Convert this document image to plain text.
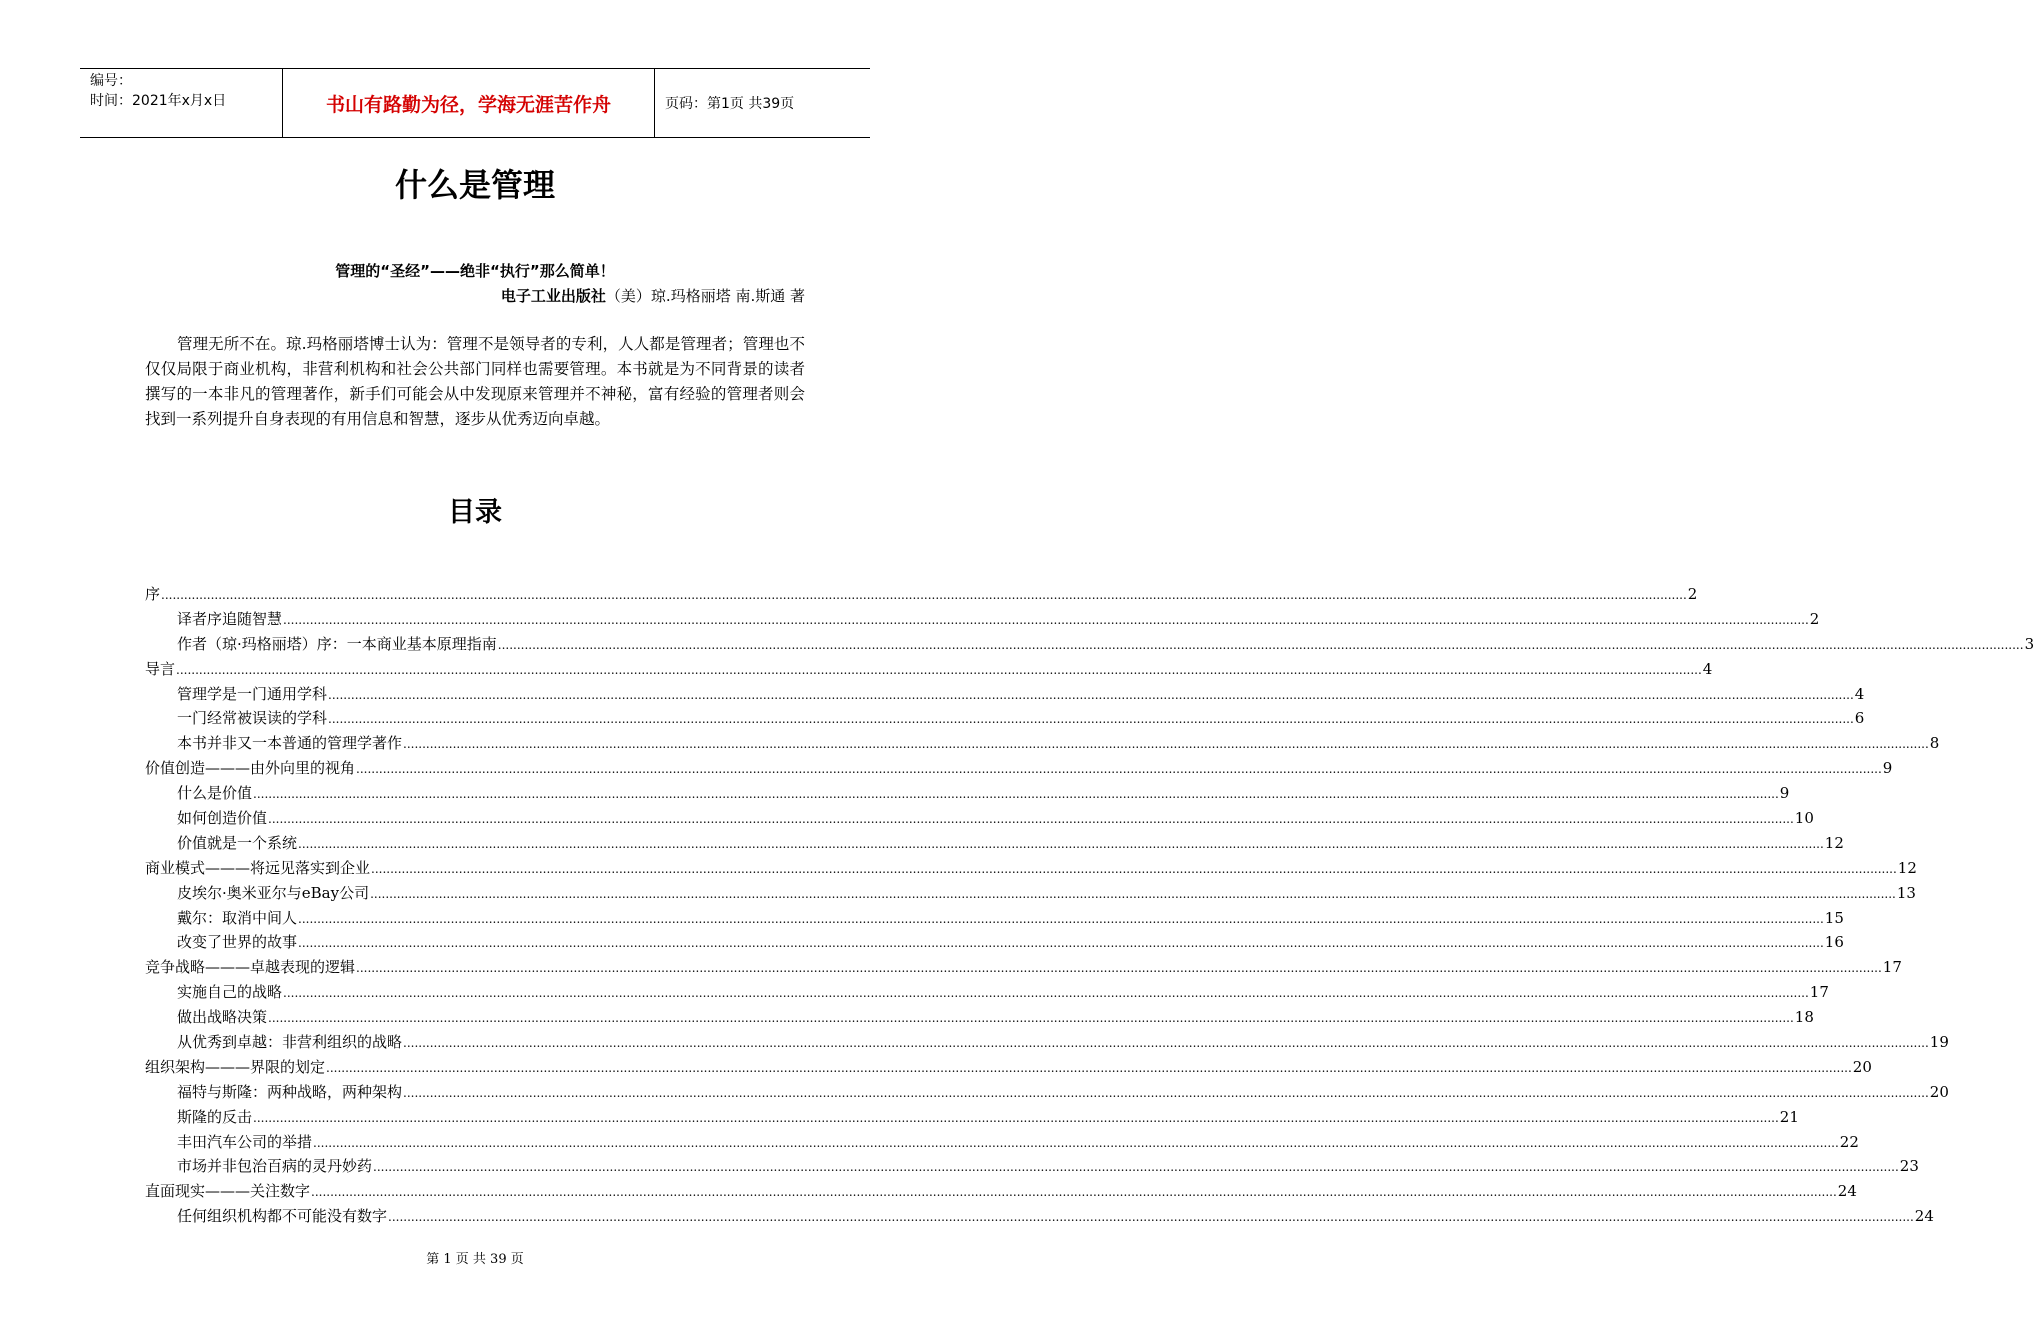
编号：
时间：2021年x月x日	书山有路勤为径，学海无涯苦作舟	页码：第1页 共39页
什么是管理
管理的“圣经”——绝非“执行”那么简单！
电子工业出版社（美）琼.玛格丽塔 南.斯通 著

管理无所不在。琼.玛格丽塔博士认为：管理不是领导者的专利，人人都是管理者；管理也不仅仅局限于商业机构，非营利机构和社会公共部门同样也需要管理。本书就是为不同背景的读者撰写的一本非凡的管理著作，新手们可能会从中发现原来管理并不神秘，富有经验的管理者则会找到一系列提升自身表现的有用信息和智慧，逐步从优秀迈向卓越。

目录
序 ................................................................................................................................................................................................................................................................................................................................................................................................................ 2
译者序追随智慧 ................................................................................................................................................................................................................................................................................................................................................................................................................ 2
作者（琼·玛格丽塔）序：一本商业基本原理指南 ................................................................................................................................................................................................................................................................................................................................................................................................................ 3
导言 ................................................................................................................................................................................................................................................................................................................................................................................................................ 4
管理学是一门通用学科 ................................................................................................................................................................................................................................................................................................................................................................................................................ 4
一门经常被误读的学科 ................................................................................................................................................................................................................................................................................................................................................................................................................ 6
本书并非又一本普通的管理学著作 ................................................................................................................................................................................................................................................................................................................................................................................................................ 8
价值创造———由外向里的视角 ................................................................................................................................................................................................................................................................................................................................................................................................................ 9
什么是价值 ................................................................................................................................................................................................................................................................................................................................................................................................................ 9
如何创造价值 ................................................................................................................................................................................................................................................................................................................................................................................................................ 10
价值就是一个系统 ................................................................................................................................................................................................................................................................................................................................................................................................................ 12
商业模式———将远见落实到企业 ................................................................................................................................................................................................................................................................................................................................................................................................................ 12
皮埃尔·奥米亚尔与eBay公司 ................................................................................................................................................................................................................................................................................................................................................................................................................ 13
戴尔：取消中间人 ................................................................................................................................................................................................................................................................................................................................................................................................................ 15
改变了世界的故事 ................................................................................................................................................................................................................................................................................................................................................................................................................ 16
竞争战略———卓越表现的逻辑 ................................................................................................................................................................................................................................................................................................................................................................................................................ 17
实施自己的战略 ................................................................................................................................................................................................................................................................................................................................................................................................................ 17
做出战略决策 ................................................................................................................................................................................................................................................................................................................................................................................................................ 18
从优秀到卓越：非营利组织的战略 ................................................................................................................................................................................................................................................................................................................................................................................................................ 19
组织架构———界限的划定 ................................................................................................................................................................................................................................................................................................................................................................................................................ 20
福特与斯隆：两种战略，两种架构 ................................................................................................................................................................................................................................................................................................................................................................................................................ 20
斯隆的反击 ................................................................................................................................................................................................................................................................................................................................................................................................................ 21
丰田汽车公司的举措 ................................................................................................................................................................................................................................................................................................................................................................................................................ 22
市场并非包治百病的灵丹妙药 ................................................................................................................................................................................................................................................................................................................................................................................................................ 23
直面现实———关注数字 ................................................................................................................................................................................................................................................................................................................................................................................................................ 24
任何组织机构都不可能没有数字 ................................................................................................................................................................................................................................................................................................................................................................................................................ 24
第 1 页 共 39 页
